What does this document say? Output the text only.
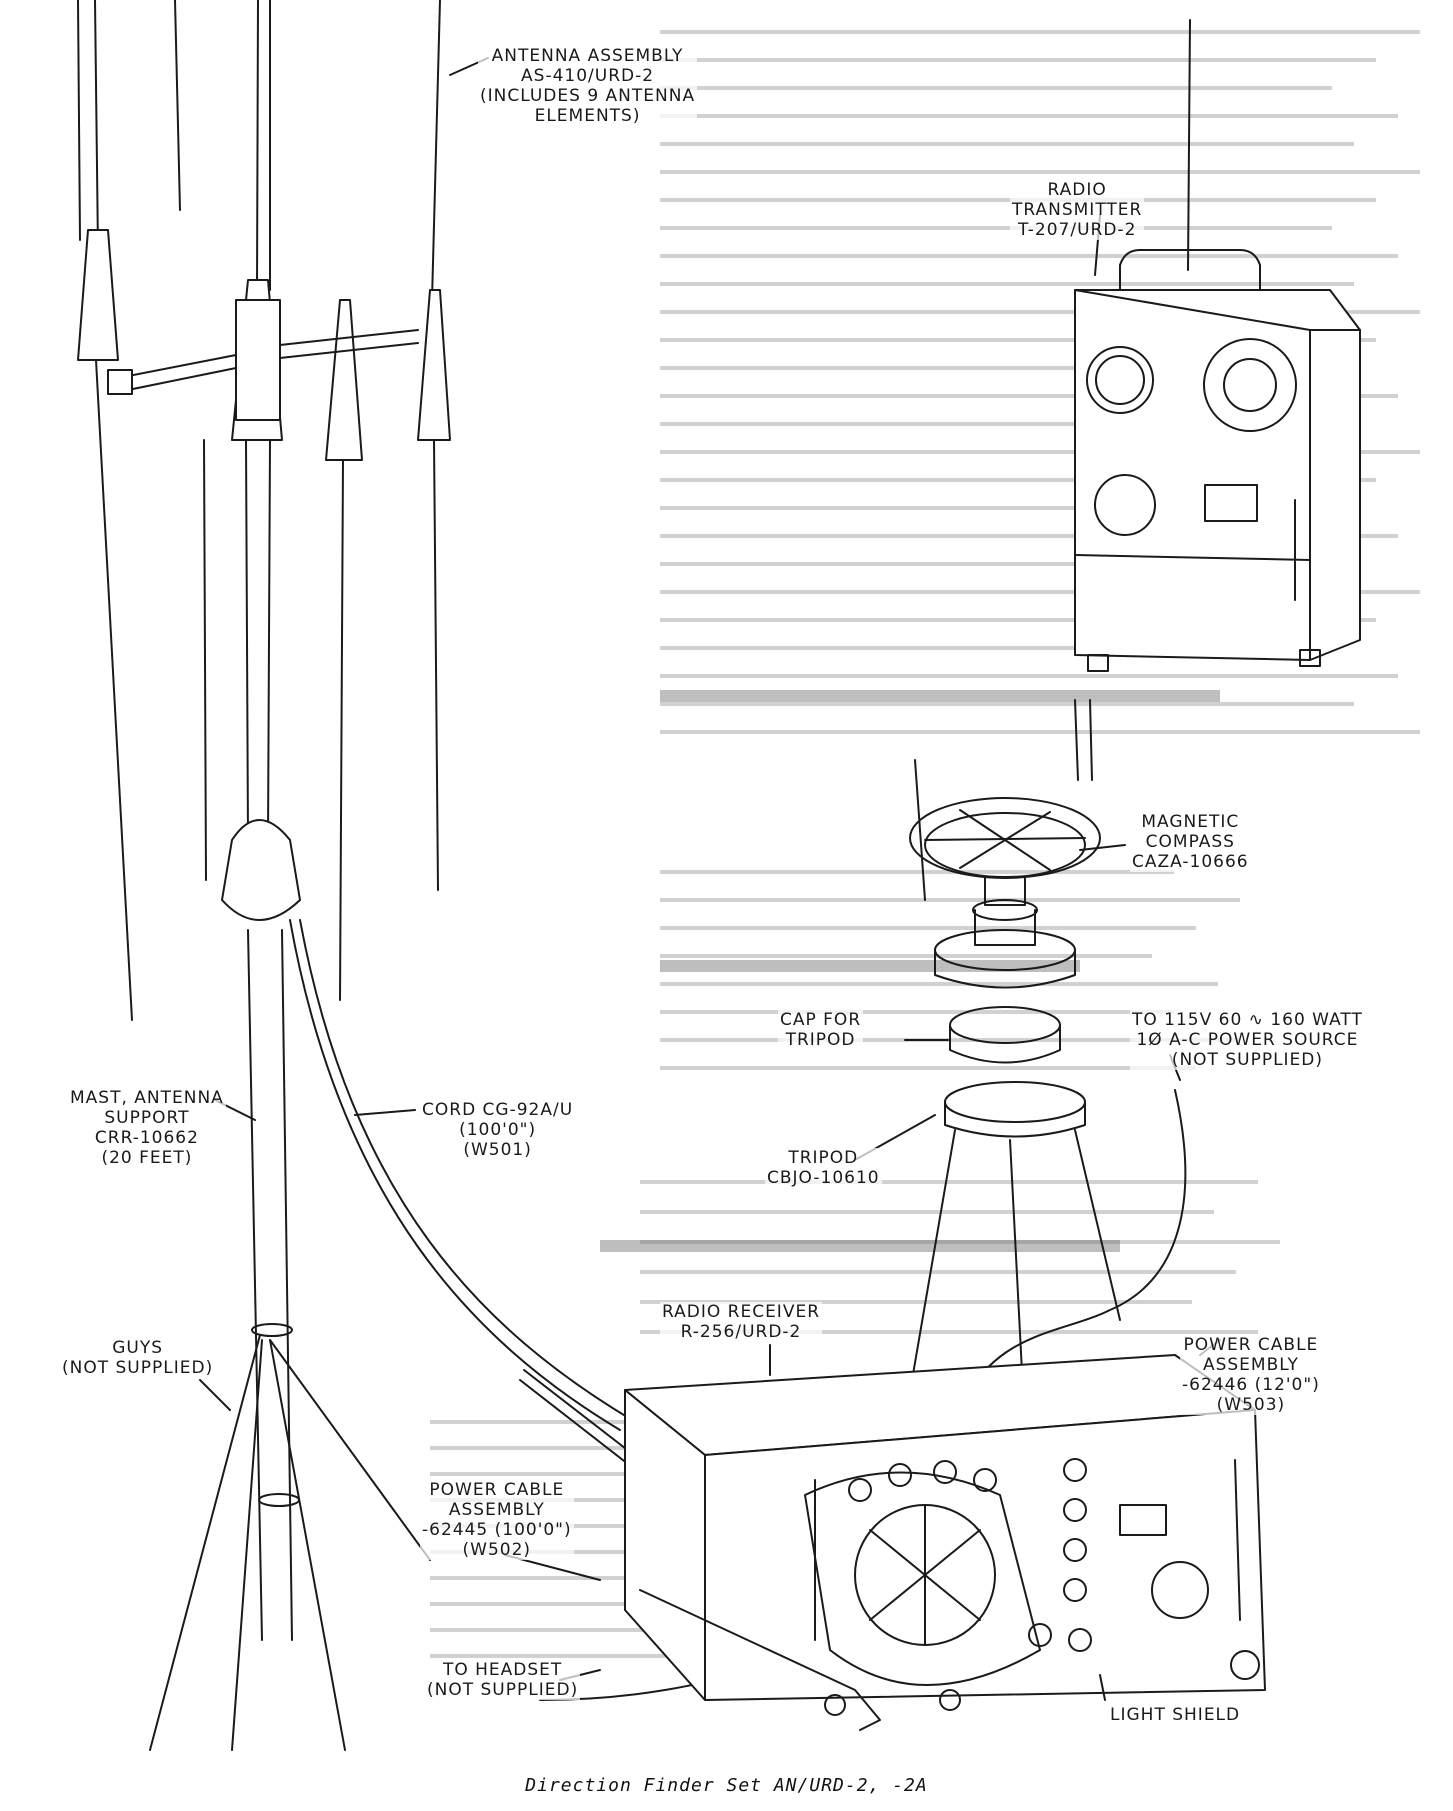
ANTENNA ASSEMBLY
AS-410/URD-2
(INCLUDES 9 ANTENNA
ELEMENTS)
RADIO
TRANSMITTER
T-207/URD-2
MAGNETIC
COMPASS
CAZA-10666
CAP FOR
TRIPOD
TO 115V 60 ∿ 160 WATT
1Ø A-C POWER SOURCE
(NOT SUPPLIED)
MAST, ANTENNA
SUPPORT
CRR-10662
(20 FEET)	TRIPOD
CBJO-10610
CORD CG-92A/U
(100'0")
(W501)
RADIO RECEIVER
R-256/URD-2
GUYS
(NOT SUPPLIED)
POWER CABLE
ASSEMBLY
-62446 (12'0")
(W503)
POWER CABLE
ASSEMBLY
-62445 (100'0")
(W502)
TO HEADSET
(NOT SUPPLIED)
LIGHT SHIELD
Direction Finder Set AN/URD-2, -2A
